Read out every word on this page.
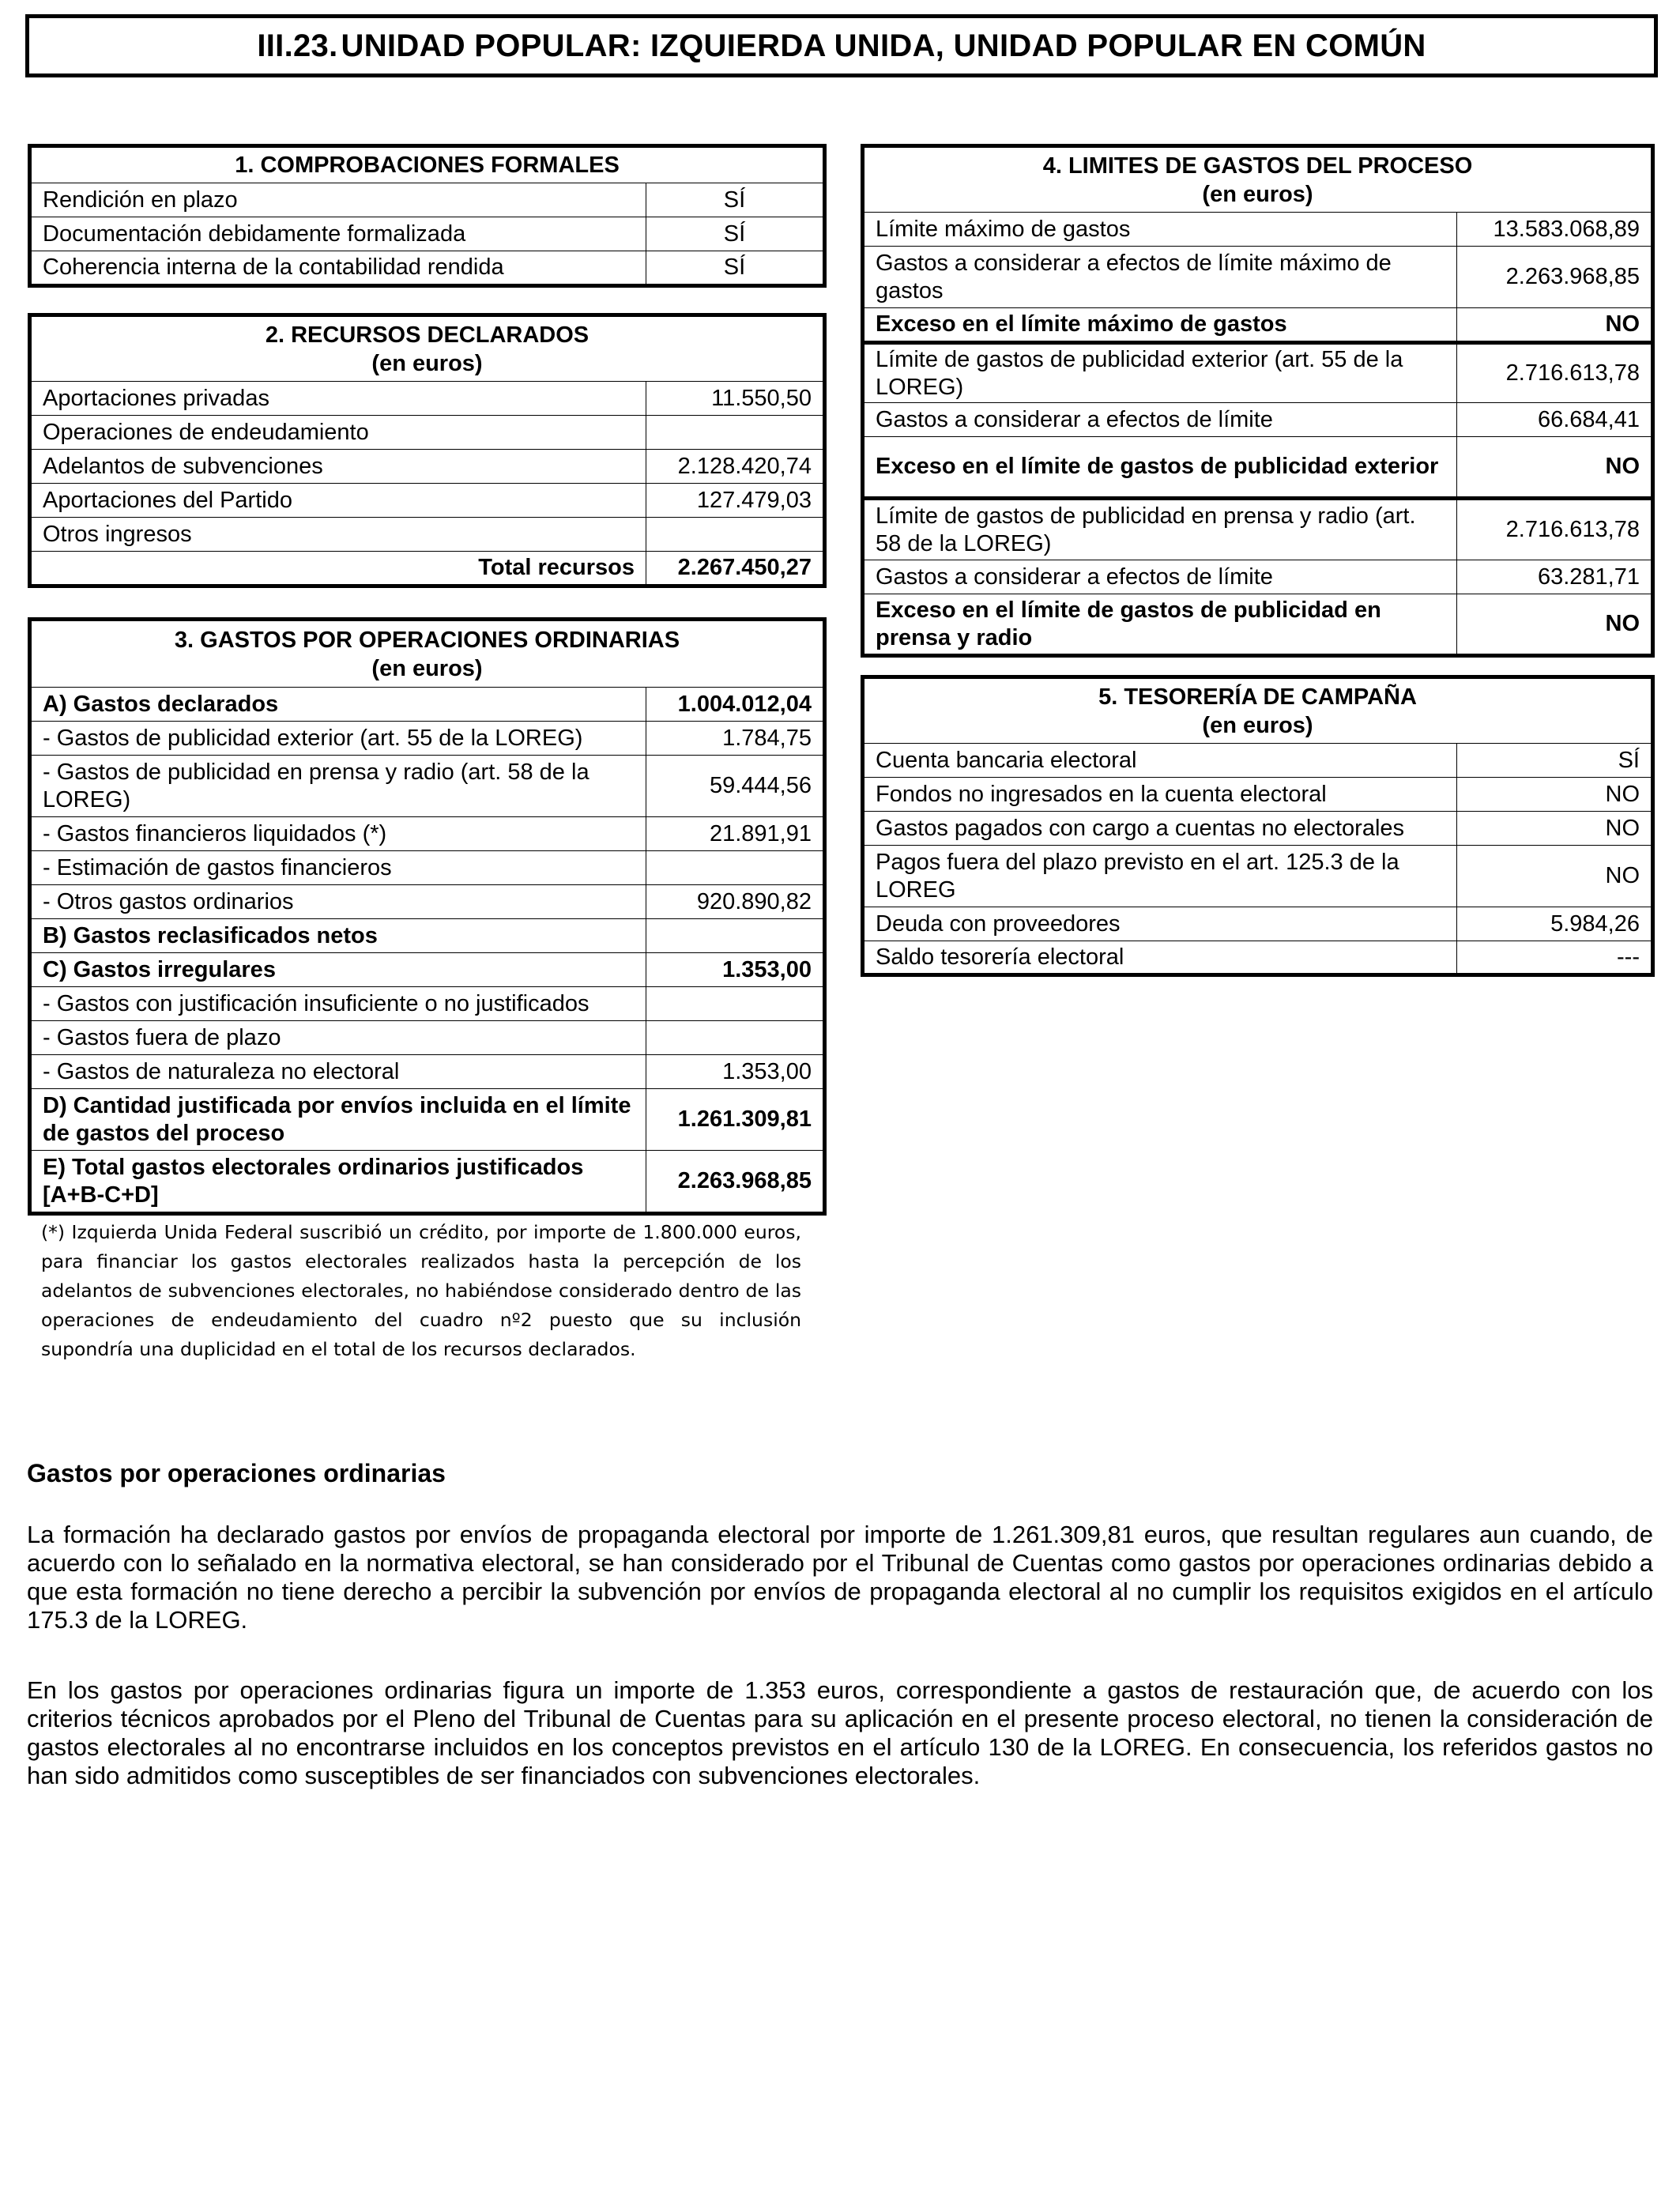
III.23. UNIDAD POPULAR: IZQUIERDA UNIDA, UNIDAD POPULAR EN COMÚN
1. COMPROBACIONES FORMALES	
Rendición en plazo	SÍ
Documentación debidamente formalizada	SÍ
Coherencia interna de la contabilidad rendida	SÍ
2. RECURSOS DECLARADOS
(en euros)	

Aportaciones privadas	11.550,50
Operaciones de endeudamiento	
Adelantos de subvenciones	2.128.420,74
Aportaciones del Partido	127.479,03
Otros ingresos	
Total recursos	2.267.450,27
3. GASTOS POR OPERACIONES ORDINARIAS
(en euros)	

A) Gastos declarados	1.004.012,04
- Gastos de publicidad exterior (art. 55 de la LOREG)	1.784,75
- Gastos de publicidad en prensa y radio (art. 58 de la LOREG)	59.444,56
- Gastos financieros liquidados (*)	21.891,91
- Estimación de gastos financieros	
- Otros gastos ordinarios	920.890,82
B) Gastos reclasificados netos	
C) Gastos irregulares	1.353,00
- Gastos con justificación insuficiente o no justificados	
- Gastos fuera de plazo	
- Gastos de naturaleza no electoral	1.353,00
D) Cantidad justificada por envíos incluida en el límite de gastos del proceso	1.261.309,81
E) Total gastos electorales ordinarios justificados [A+B-C+D]	2.263.968,85
(*) Izquierda Unida Federal suscribió un crédito, por importe de 1.800.000 euros, para financiar los gastos electorales realizados hasta la percepción de los adelantos de subvenciones electorales, no habiéndose considerado dentro de las operaciones de endeudamiento del cuadro nº2 puesto que su inclusión supondría una duplicidad en el total de los recursos declarados.
4. LIMITES DE GASTOS DEL PROCESO
(en euros)	

Límite máximo de gastos	13.583.068,89
Gastos a considerar a efectos de límite máximo de gastos	2.263.968,85
Exceso en el límite máximo de gastos	NO
Límite de gastos de publicidad exterior (art. 55 de la LOREG)	2.716.613,78
Gastos a considerar a efectos de límite	66.684,41
Exceso en el límite de gastos de publicidad exterior	NO
Límite de gastos de publicidad en prensa y radio (art. 58 de la LOREG)	2.716.613,78
Gastos a considerar a efectos de límite	63.281,71
Exceso en el límite de gastos de publicidad en prensa y radio	NO
5. TESORERÍA DE CAMPAÑA
(en euros)	

Cuenta bancaria electoral	SÍ
Fondos no ingresados en la cuenta electoral	NO
Gastos pagados con cargo a cuentas no electorales	NO
Pagos fuera del plazo previsto en el art. 125.3 de la LOREG	NO
Deuda con proveedores	5.984,26
Saldo tesorería electoral	---
Gastos por operaciones ordinarias
La formación ha declarado gastos por envíos de propaganda electoral por importe de 1.261.309,81 euros, que resultan regulares aun cuando, de acuerdo con lo señalado en la normativa electoral, se han considerado por el Tribunal de Cuentas como gastos por operaciones ordinarias debido a que esta formación no tiene derecho a percibir la subvención por envíos de propaganda electoral al no cumplir los requisitos exigidos en el artículo 175.3 de la LOREG.
En los gastos por operaciones ordinarias figura un importe de 1.353 euros, correspondiente a gastos de restauración que, de acuerdo con los criterios técnicos aprobados por el Pleno del Tribunal de Cuentas para su aplicación en el presente proceso electoral, no tienen la consideración de gastos electorales al no encontrarse incluidos en los conceptos previstos en el artículo 130 de la LOREG. En consecuencia, los referidos gastos no han sido admitidos como susceptibles de ser financiados con subvenciones electorales.
